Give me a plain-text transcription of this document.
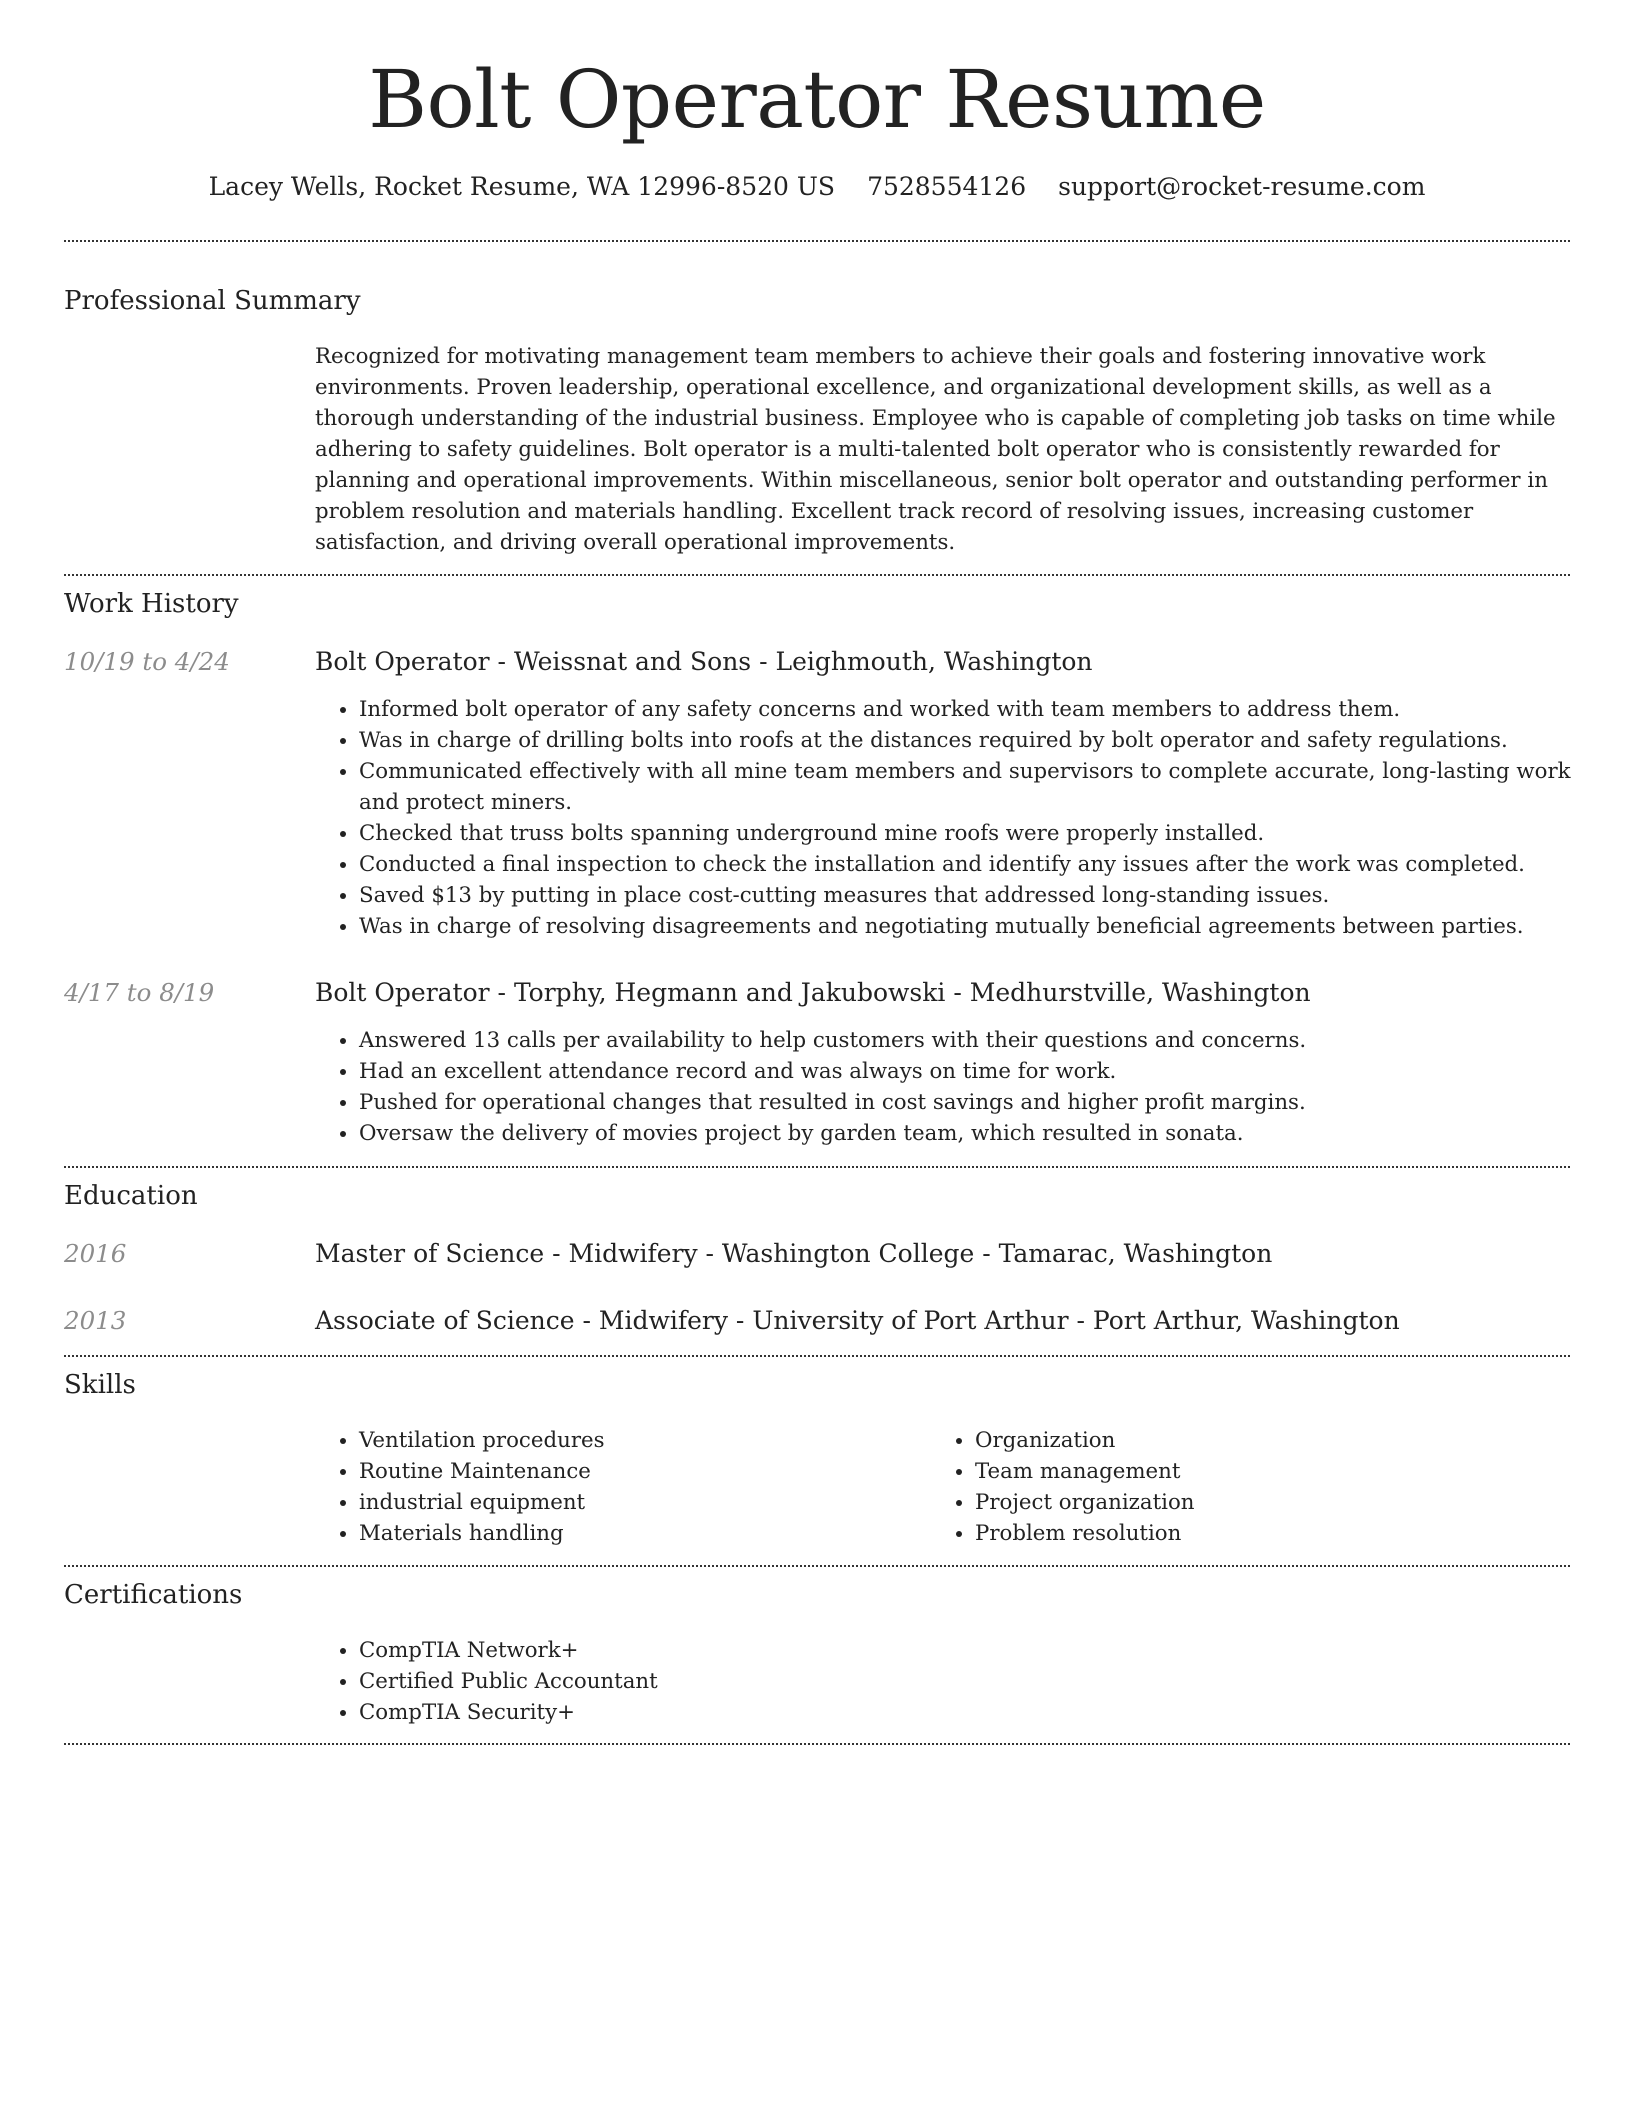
Bolt Operator Resume
Lacey Wells, Rocket Resume, WA 12996-8520 US 7528554126 support@rocket-resume.com
Professional Summary
Recognized for motivating management team members to achieve their goals and fostering innovative work environments. Proven leadership, operational excellence, and organizational development skills, as well as a thorough understanding of the industrial business. Employee who is capable of completing job tasks on time while adhering to safety guidelines. Bolt operator is a multi-talented bolt operator who is consistently rewarded for planning and operational improvements. Within miscellaneous, senior bolt operator and outstanding performer in problem resolution and materials handling. Excellent track record of resolving issues, increasing customer satisfaction, and driving overall operational improvements.
Work History
10/19 to 4/24	Bolt Operator - Weissnat and Sons - Leighmouth, Washington
• Informed bolt operator of any safety concerns and worked with team members to address them.
• Was in charge of drilling bolts into roofs at the distances required by bolt operator and safety regulations.
• Communicated effectively with all mine team members and supervisors to complete accurate, long-lasting work and protect miners.
• Checked that truss bolts spanning underground mine roofs were properly installed.
• Conducted a final inspection to check the installation and identify any issues after the work was completed.
• Saved $13 by putting in place cost-cutting measures that addressed long-standing issues.
• Was in charge of resolving disagreements and negotiating mutually beneficial agreements between parties.
4/17 to 8/19	Bolt Operator - Torphy, Hegmann and Jakubowski - Medhurstville, Washington
• Answered 13 calls per availability to help customers with their questions and concerns.
• Had an excellent attendance record and was always on time for work.
• Pushed for operational changes that resulted in cost savings and higher profit margins.
• Oversaw the delivery of movies project by garden team, which resulted in sonata.
Education
2016	Master of Science - Midwifery - Washington College - Tamarac, Washington
2013	Associate of Science - Midwifery - University of Port Arthur - Port Arthur, Washington
Skills
• Ventilation procedures
• Routine Maintenance
• industrial equipment
• Materials handling
• Organization
• Team management
• Project organization
• Problem resolution
Certifications
• CompTIA Network+
• Certified Public Accountant
• CompTIA Security+
